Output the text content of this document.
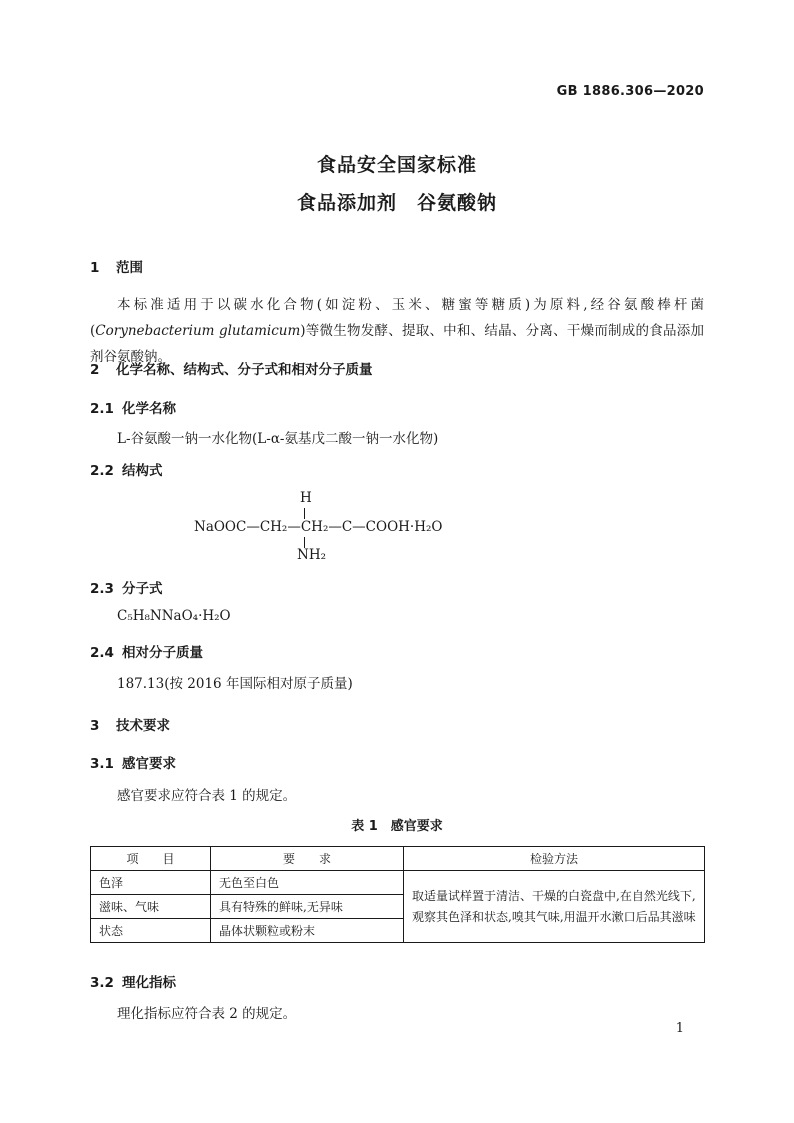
GB 1886.306—2020
食品安全国家标准
食品添加剂　谷氨酸钠
1 范围
本标准适用于以碳水化合物(如淀粉、玉米、糖蜜等糖质)为原料,经谷氨酸棒杆菌(Corynebacterium glutamicum)等微生物发酵、提取、中和、结晶、分离、干燥而制成的食品添加剂谷氨酸钠。
2 化学名称、结构式、分子式和相对分子质量
2.1 化学名称
L-谷氨酸一钠一水化物(L-α-氨基戊二酸一钠一水化物)
2.2 结构式
H
NaOOC—CH₂—CH₂—C—COOH·H₂O
NH₂
2.3 分子式
C₅H₈NNaO₄·H₂O
2.4 相对分子质量
187.13(按 2016 年国际相对原子质量)
3 技术要求
3.1 感官要求
感官要求应符合表 1 的规定。
表 1　感官要求
项　　目	要　　求	检验方法
色泽	无色至白色	取适量试样置于清洁、干燥的白瓷盘中,在自然光线下,观察其色泽和状态,嗅其气味,用温开水漱口后品其滋味
滋味、气味	具有特殊的鲜味,无异味	
状态	晶体状颗粒或粉末	
3.2 理化指标
理化指标应符合表 2 的规定。
1
